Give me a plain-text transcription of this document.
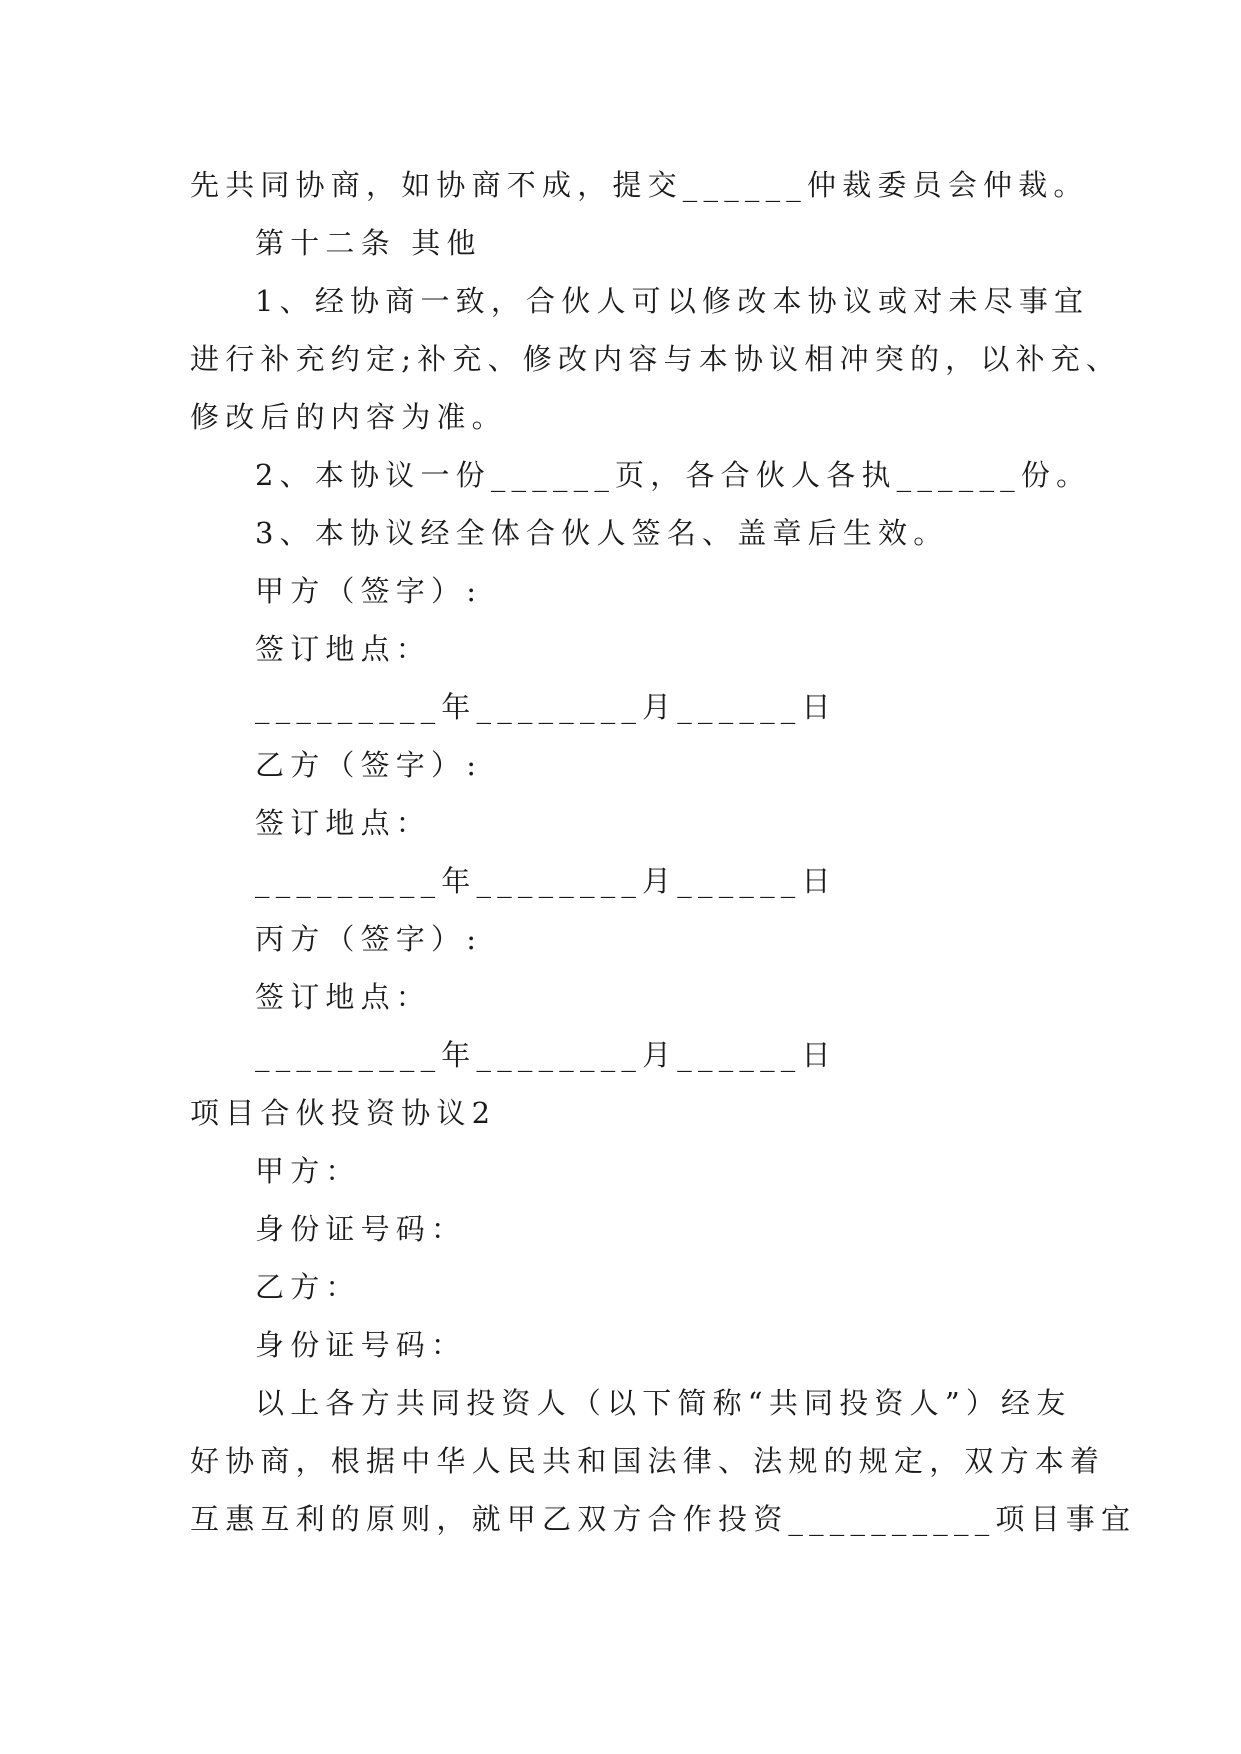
先共同协商，如协商不成，提交______仲裁委员会仲裁。
第十二条 其他
1、经协商一致，合伙人可以修改本协议或对未尽事宜
进行补充约定;补充、修改内容与本协议相冲突的，以补充、
修改后的内容为准。
2、本协议一份______页，各合伙人各执______份。
3、本协议经全体合伙人签名、盖章后生效。
甲方（签字）:
签订地点：
_________年________月______日
乙方（签字）:
签订地点：
_________年________月______日
丙方（签字）:
签订地点：
_________年________月______日
项目合伙投资协议2
甲方：
身份证号码：
乙方：
身份证号码：
以上各方共同投资人（以下简称“共同投资人”）经友
好协商，根据中华人民共和国法律、法规的规定，双方本着
互惠互利的原则，就甲乙双方合作投资__________项目事宜
